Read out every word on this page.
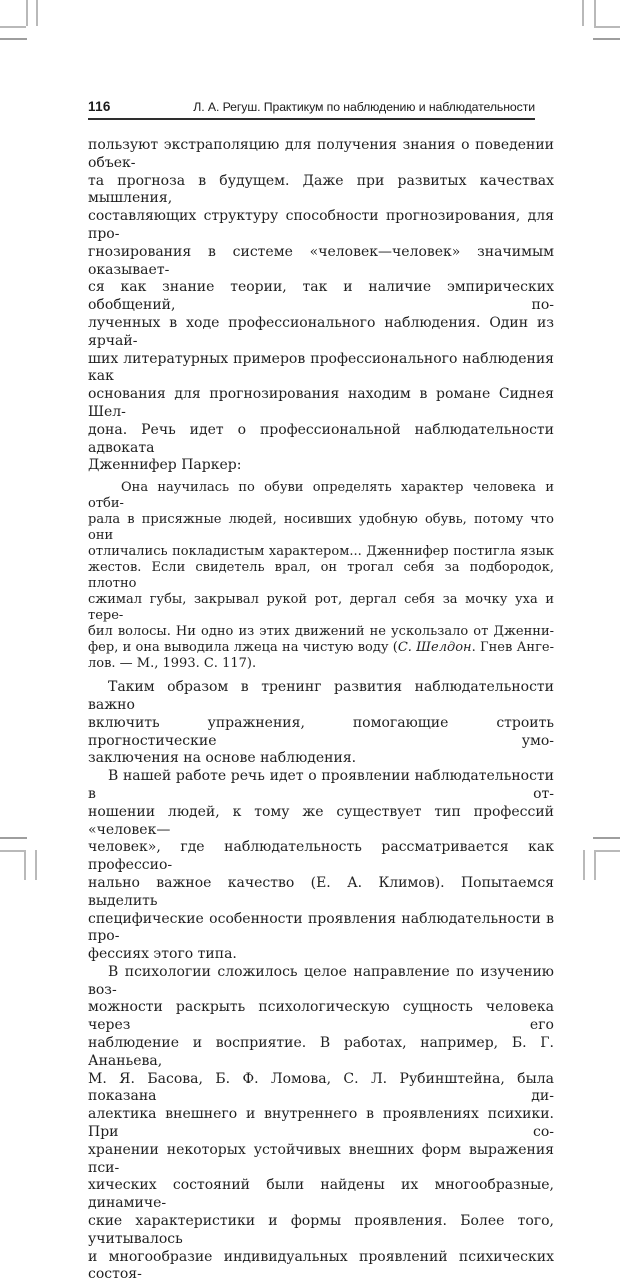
116	Л. А. Регуш. Практикум по наблюдению и наблюдательности
пользуют экстраполяцию для получения знания о поведении объек-
та прогноза в будущем. Даже при развитых качествах мышления,
составляющих структуру способности прогнозирования, для про-
гнозирования в системе «человек—человек» значимым оказывает-
ся как знание теории, так и наличие эмпирических обобщений, по-
лученных в ходе профессионального наблюдения. Один из ярчай-
ших литературных примеров профессионального наблюдения как
основания для прогнозирования находим в романе Сиднея Шел-
дона. Речь идет о профессиональной наблюдательности адвоката
Дженнифер Паркер:
Она научилась по обуви определять характер человека и отби-
рала в присяжные людей, носивших удобную обувь, потому что они
отличались покладистым характером... Дженнифер постигла язык
жестов. Если свидетель врал, он трогал себя за подбородок, плотно
сжимал губы, закрывал рукой рот, дергал себя за мочку уха и тере-
бил волосы. Ни одно из этих движений не ускользало от Дженни-
фер, и она выводила лжеца на чистую воду (С. Шелдон. Гнев Анге-
лов. — М., 1993. С. 117).
Таким образом в тренинг развития наблюдательности важно
включить упражнения, помогающие строить прогностические умо-
заключения на основе наблюдения.
В нашей работе речь идет о проявлении наблюдательности в от-
ношении людей, к тому же существует тип профессий «человек—
человек», где наблюдательность рассматривается как профессио-
нально важное качество (Е. А. Климов). Попытаемся выделить
специфические особенности проявления наблюдательности в про-
фессиях этого типа.
В психологии сложилось целое направление по изучению воз-
можности раскрыть психологическую сущность человека через его
наблюдение и восприятие. В работах, например, Б. Г. Ананьева,
М. Я. Басова, Б. Ф. Ломова, С. Л. Рубинштейна, была показана ди-
алектика внешнего и внутреннего в проявлениях психики. При со-
хранении некоторых устойчивых внешних форм выражения пси-
хических состояний были найдены их многообразные, динамиче-
ские характеристики и формы проявления. Более того, учитывалось
и многообразие индивидуальных проявлений психических состоя-
